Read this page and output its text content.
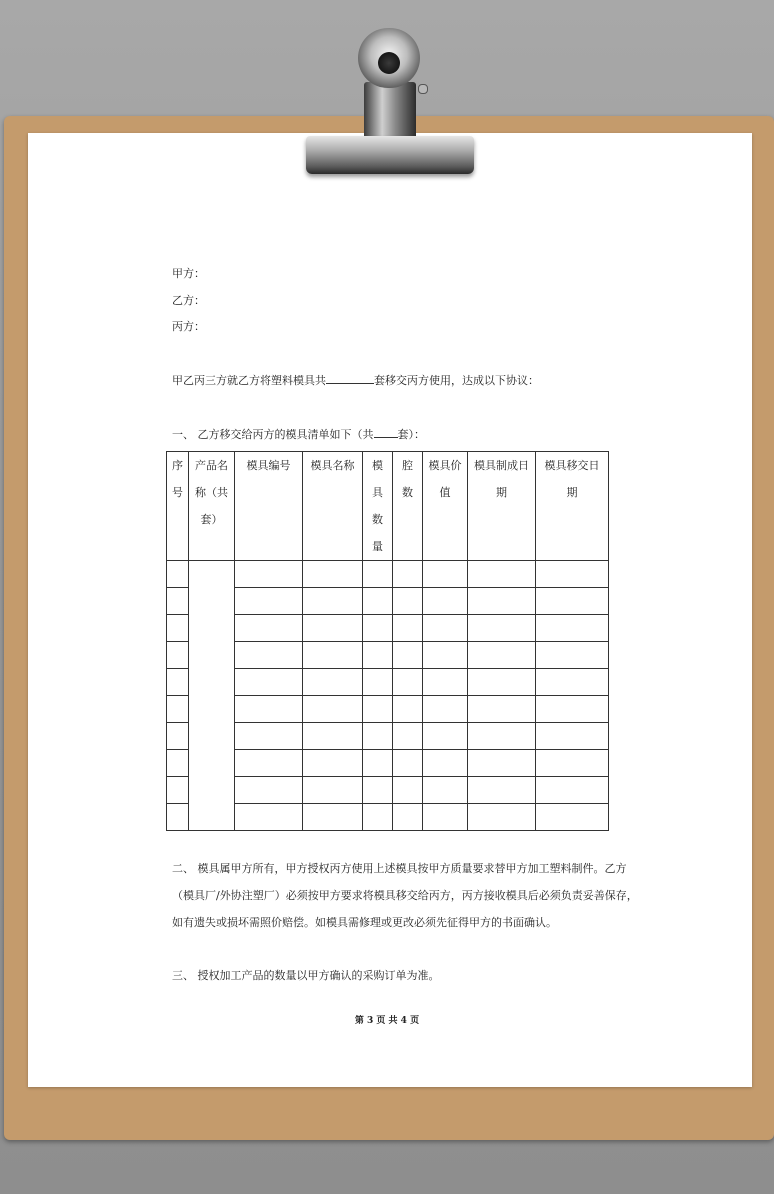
甲方：
乙方：
丙方：
甲乙丙三方就乙方将塑料模具共	套移交丙方使用，达成以下协议：
一、 乙方移交给丙方的模具清单如下（共 套）：
序号	产品名称（共套）	模具编号	模具名称	模具数量	腔数	模具价值	模具制成日期	模具移交日期

二、 模具属甲方所有，甲方授权丙方使用上述模具按甲方质量要求替甲方加工塑料制件。乙方
（模具厂/外协注塑厂）必须按甲方要求将模具移交给丙方，丙方接收模具后必须负责妥善保存，
如有遗失或损坏需照价赔偿。如模具需修理或更改必须先征得甲方的书面确认。
三、 授权加工产品的数量以甲方确认的采购订单为准。
第 3 页 共 4 页
